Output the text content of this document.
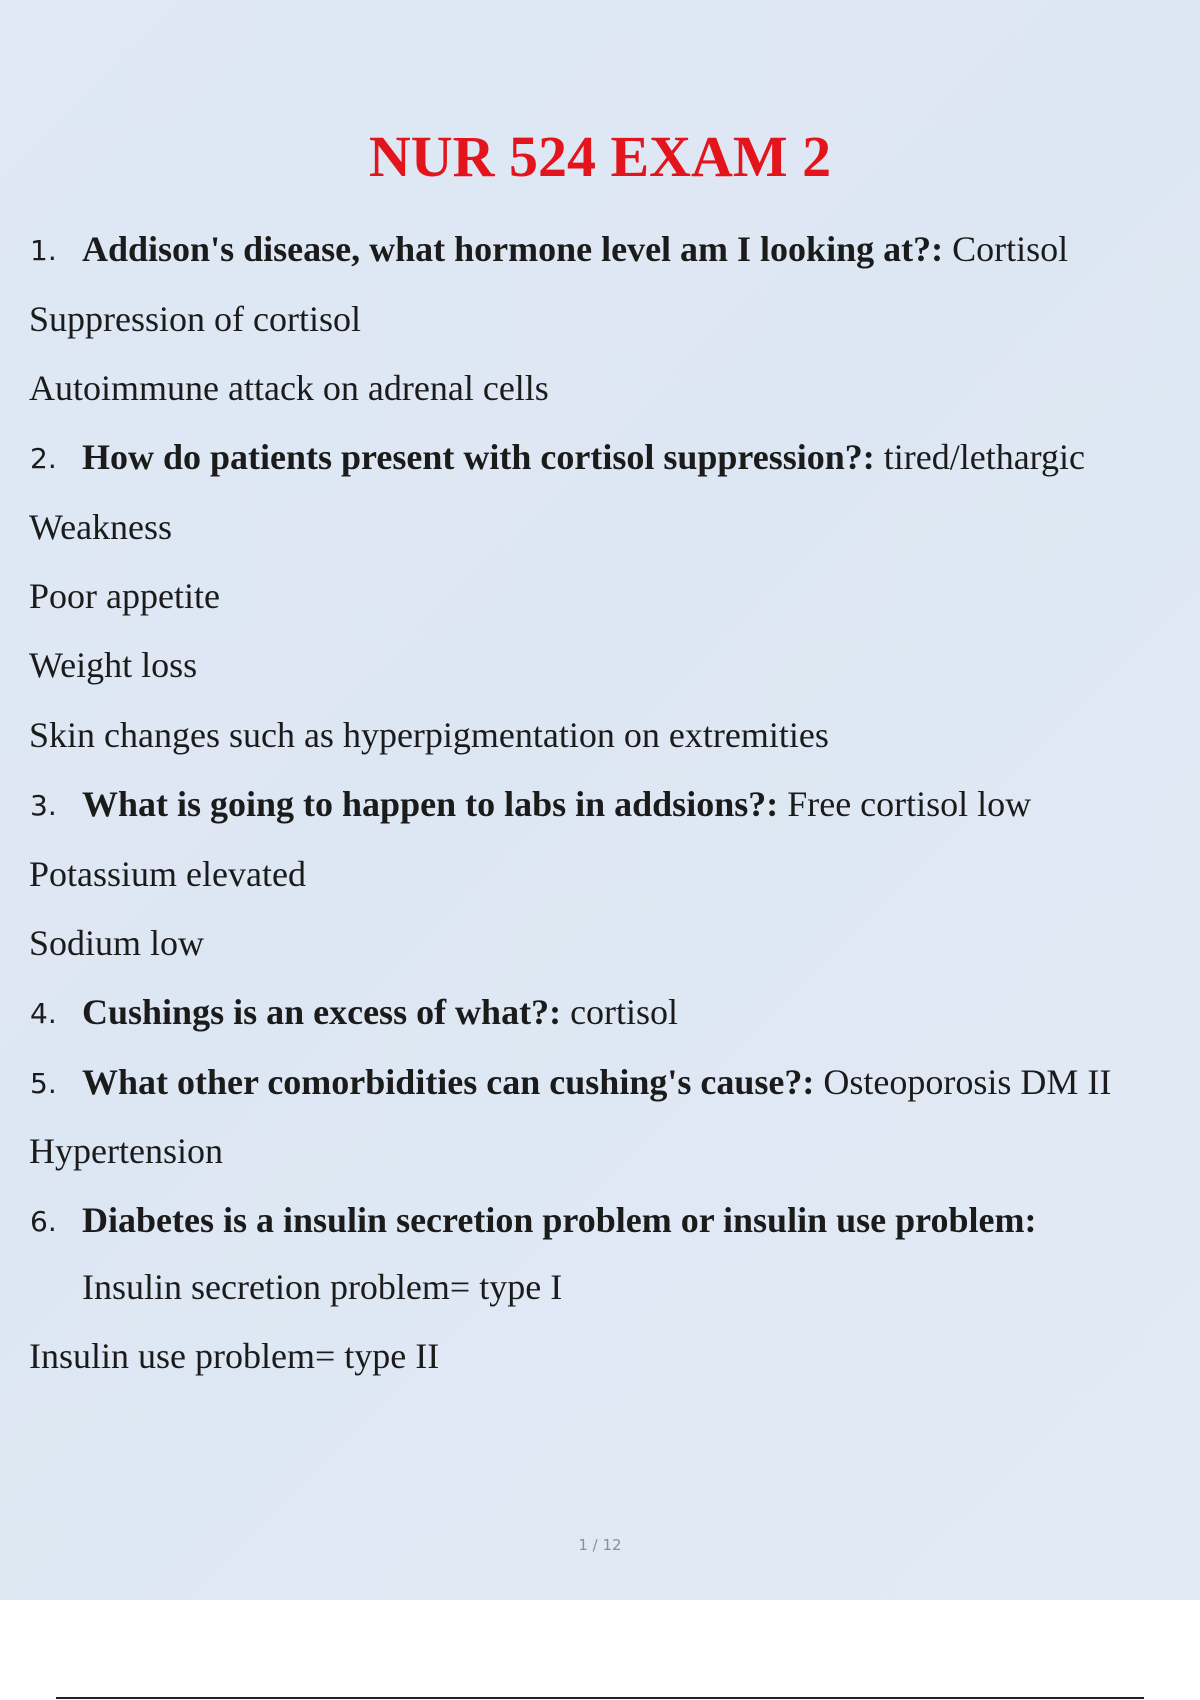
NUR 524 EXAM 2
1. Addison's disease, what hormone level am I looking at?: Cortisol
Suppression of cortisol
Autoimmune attack on adrenal cells
2. How do patients present with cortisol suppression?: tired/lethargic
Weakness
Poor appetite
Weight loss
Skin changes such as hyperpigmentation on extremities
3. What is going to happen to labs in addsions?: Free cortisol low
Potassium elevated
Sodium low
4. Cushings is an excess of what?: cortisol
5. What other comorbidities can cushing's cause?: Osteoporosis DM II
Hypertension
6. Diabetes is a insulin secretion problem or insulin use problem:
Insulin secretion problem= type I
Insulin use problem= type II
1 / 12
